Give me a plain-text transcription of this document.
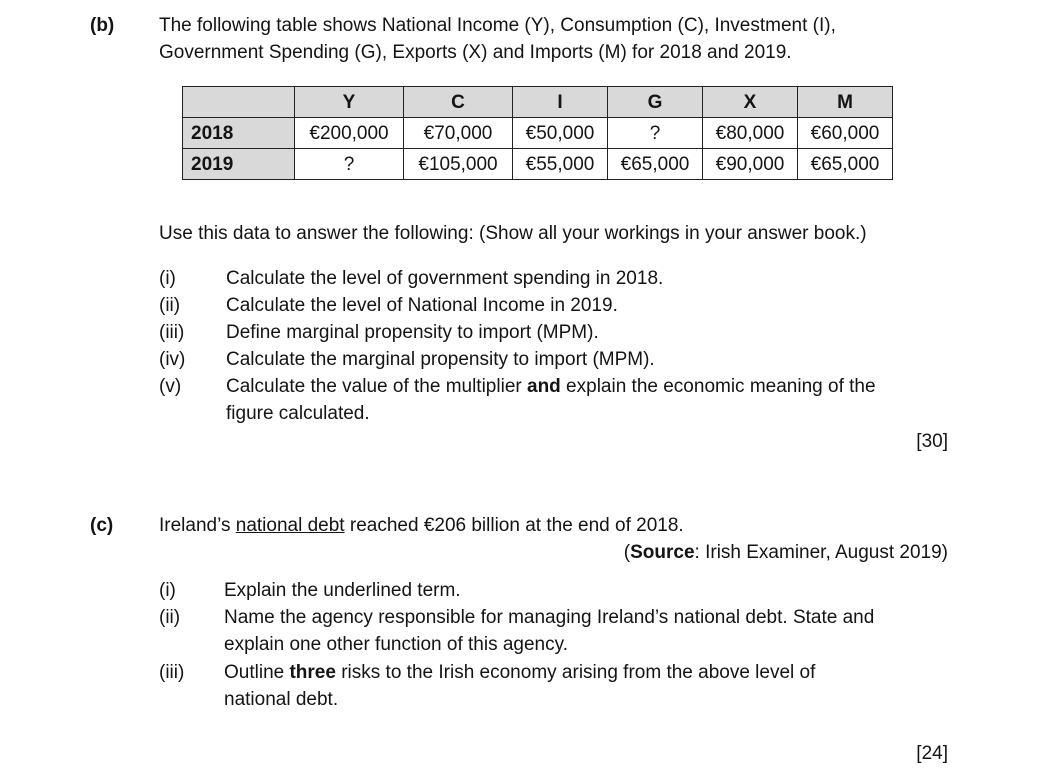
(b) The following table shows National Income (Y), Consumption (C), Investment (I),
Government Spending (G), Exports (X) and Imports (M) for 2018 and 2019.
	Y	C	I	G	X	M
2018	€200,000	€70,000	€50,000	?	€80,000	€60,000
2019	?	€105,000	€55,000	€65,000	€90,000	€65,000
Use this data to answer the following: (Show all your workings in your answer book.)
(i)	Calculate the level of government spending in 2018.
(ii) Calculate the level of National Income in 2019.
(iii) Define marginal propensity to import (MPM).
(iv) Calculate the marginal propensity to import (MPM).
(v) Calculate the value of the multiplier and explain the economic meaning of the
figure calculated.
[30]
(c) Ireland’s national debt reached €206 billion at the end of 2018.
(Source: Irish Examiner, August 2019)
(i)	Explain the underlined term.
(ii) Name the agency responsible for managing Ireland’s national debt. State and
explain one other function of this agency.
(iii) Outline three risks to the Irish economy arising from the above level of
national debt.
[24]
